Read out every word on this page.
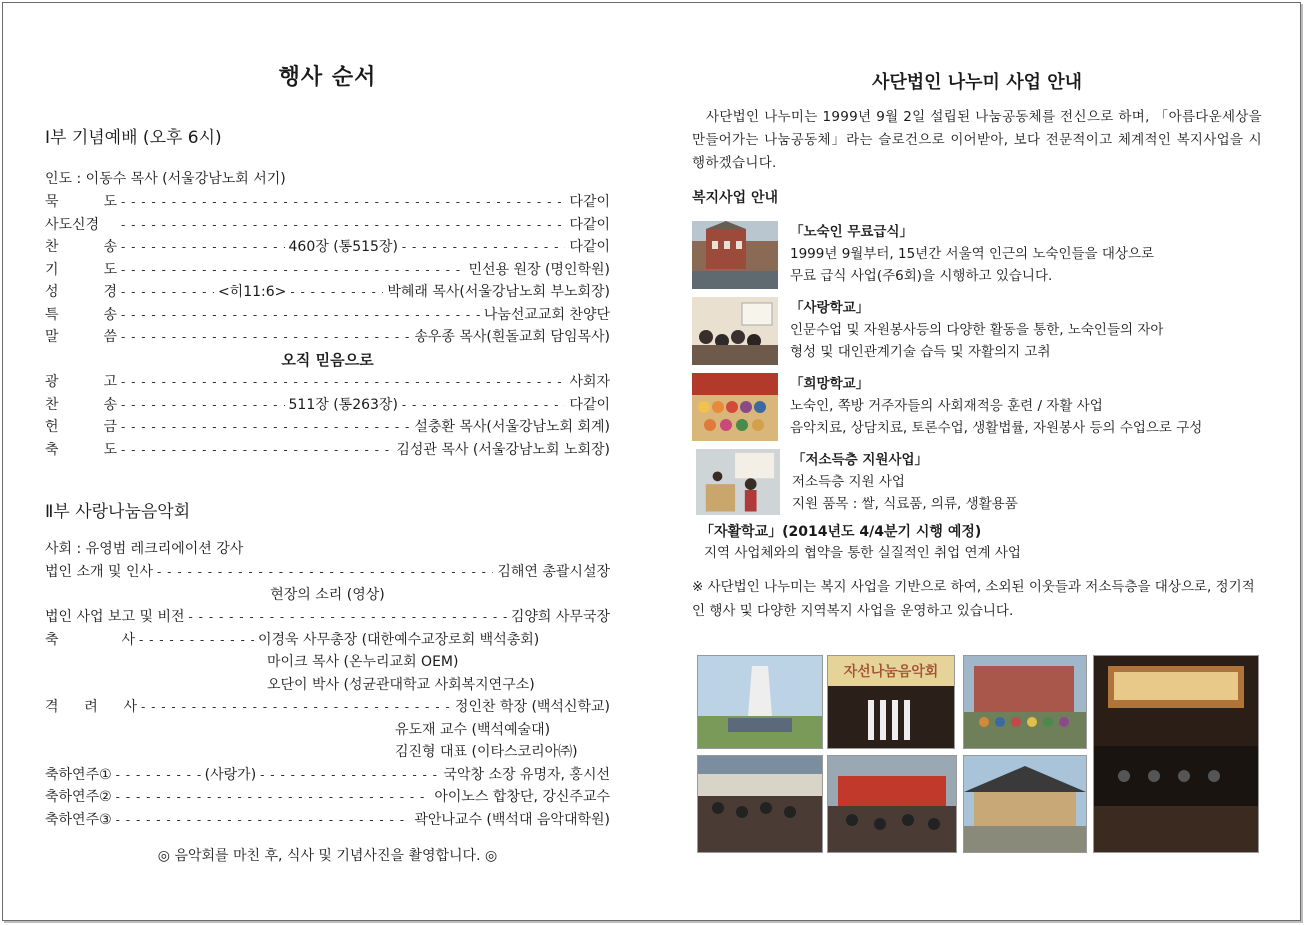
행사 순서
Ⅰ부 기념예배 (오후 6시)
인도 : 이동수 목사 (서울강남노회 서기)
묵	도 - - -	다같이
사도신경 - - -	다같이
찬	송 - - -	460장 (통515장) - - -	다같이
기	도 - - -	민선용 원장 (명인학원)
성	경 - - -	<히11:6> - - -	박혜래 목사(서울강남노회 부노회장)
특	송 - - -	나눔선교교회 찬양단
말	씀 - - -	송우종 목사(흰돌교회 담임목사)
오직 믿음으로
광	고 - - -	사회자
찬	송 - - -	511장 (통263장) - - -	다같이
헌	금 - - -	설충환 목사(서울강남노회 회계)
축	도 - - -	김성관 목사 (서울강남노회 노회장)
Ⅱ부 사랑나눔음악회
사회 : 유영범 레크리에이션 강사
법인 소개 및 인사 - - -	김해연 총괄시설장
현장의 소리 (영상)
법인 사업 보고 및 비전 - - -	김양희 사무국장
축	사 - - -	이경욱 사무총장 (대한예수교장로회 백석총회)
마이크 목사 (온누리교회 OEM)
오단이 박사 (성균관대학교 사회복지연구소)
격 려 사 - - -	정인찬 학장 (백석신학교)
유도재 교수 (백석예술대)
김진형 대표 (이타스코리아㈜)
축하연주① - - -	(사랑가) - - -	국악창 소장 유명자, 홍시선
축하연주② - - -	아이노스 합창단, 강신주교수
축하연주③ - - -	곽안나교수 (백석대 음악대학원)
◎ 음악회를 마친 후, 식사 및 기념사진을 촬영합니다. ◎
사단법인 나누미 사업 안내
사단법인 나누미는 1999년 9월 2일 설립된 나눔공동체를 전신으로 하며, 「아름다운세상을 만들어가는 나눔공동체」라는 슬로건으로 이어받아, 보다 전문적이고 체계적인 복지사업을 시행하겠습니다.
복지사업 안내
「노숙인 무료급식」
1999년 9월부터, 15년간 서울역 인근의 노숙인들을 대상으로
무료 급식 사업(주6회)을 시행하고 있습니다.
「사랑학교」
인문수업 및 자원봉사등의 다양한 활동을 통한, 노숙인들의 자아
형성 및 대인관계기술 습득 및 자활의지 고취
「희망학교」
노숙인, 쪽방 거주자들의 사회재적응 훈련 / 자활 사업
음악치료, 상담치료, 토론수업, 생활법률, 자원봉사 등의 수업으로 구성
「저소득층 지원사업」
저소득층 지원 사업
지원 품목 : 쌀, 식료품, 의류, 생활용품
「자활학교」(2014년도 4/4분기 시행 예정)
지역 사업체와의 협약을 통한 실질적인 취업 연계 사업
※ 사단법인 나누미는 복지 사업을 기반으로 하여, 소외된 이웃들과 저소득층을 대상으로, 정기적인 행사 및 다양한 지역복지 사업을 운영하고 있습니다.
자선나눔음악회
